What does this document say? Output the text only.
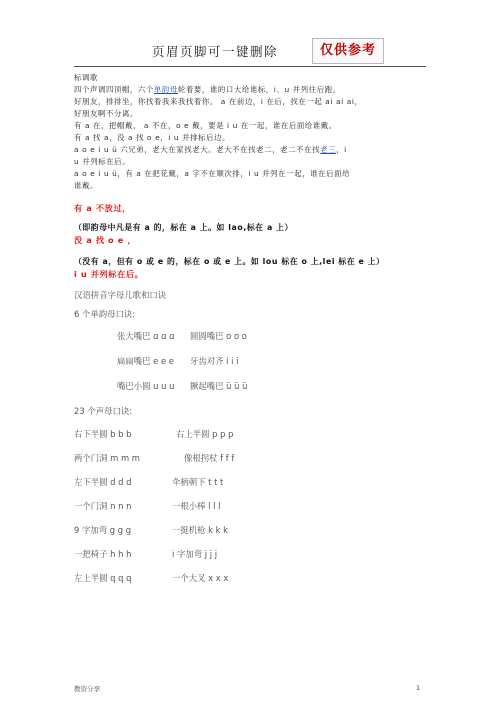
页眉页脚可一键删除	仅供参考

标调歌

四个声调四顶帽，六个单韵母轮着要，谁的口大给谁标，i、u 并列往后跑。

好朋友，排排坐，你找着我来我找着你。 a 在前边，i 在后，找在一起 ai ai ai，

好朋友啊不分离。

有 a 在，把帽戴， a 不在，o e 戴，要是 i u 在一起，谁在后面给谁戴。

有 a 找 a，没 a 找 o e，i u 并排标后边。

a o e i u ü 六兄弟，老大在家找老大。老大不在找老二，老二不在找老三，i

u 并列标在后。

a o e i u ü，有 a 在把花戴，a 字不在顺次排，i u 并列在一起，谁在后面给

谁戴。

有 a 不放过，

（即韵母中凡是有 a 的，标在 a 上。如 lao,标在 a 上）

没 a 找 o e ，

（没有 a，但有 o 或 e 的，标在 o 或 e 上。如 lou 标在 o 上,lei 标在 e 上）

i u 并列标在后。

汉语拼音字母儿歌和口诀

6 个单韵母口诀:

张大嘴巴 ɑ ɑ ɑ 圆圆嘴巴 o o o
扁扁嘴巴 e e e 牙齿对齐 i i i
嘴巴小圆 u u u 撅起嘴巴 ü ü ü

23 个声母口诀:

右下半圆 b b b	右上半圆 p p p
两个门洞 m m m	像根拐杖 f f f
左下半圆 d d d	伞柄朝下 t t t
一个门洞 n n n	一根小棒 l l l
9 字加弯 g g g	一挺机枪 k k k
一把椅子 h h h	i 字加弯 j j j
左上半圆 q q q	一个大叉 x x x
教资分享	1
